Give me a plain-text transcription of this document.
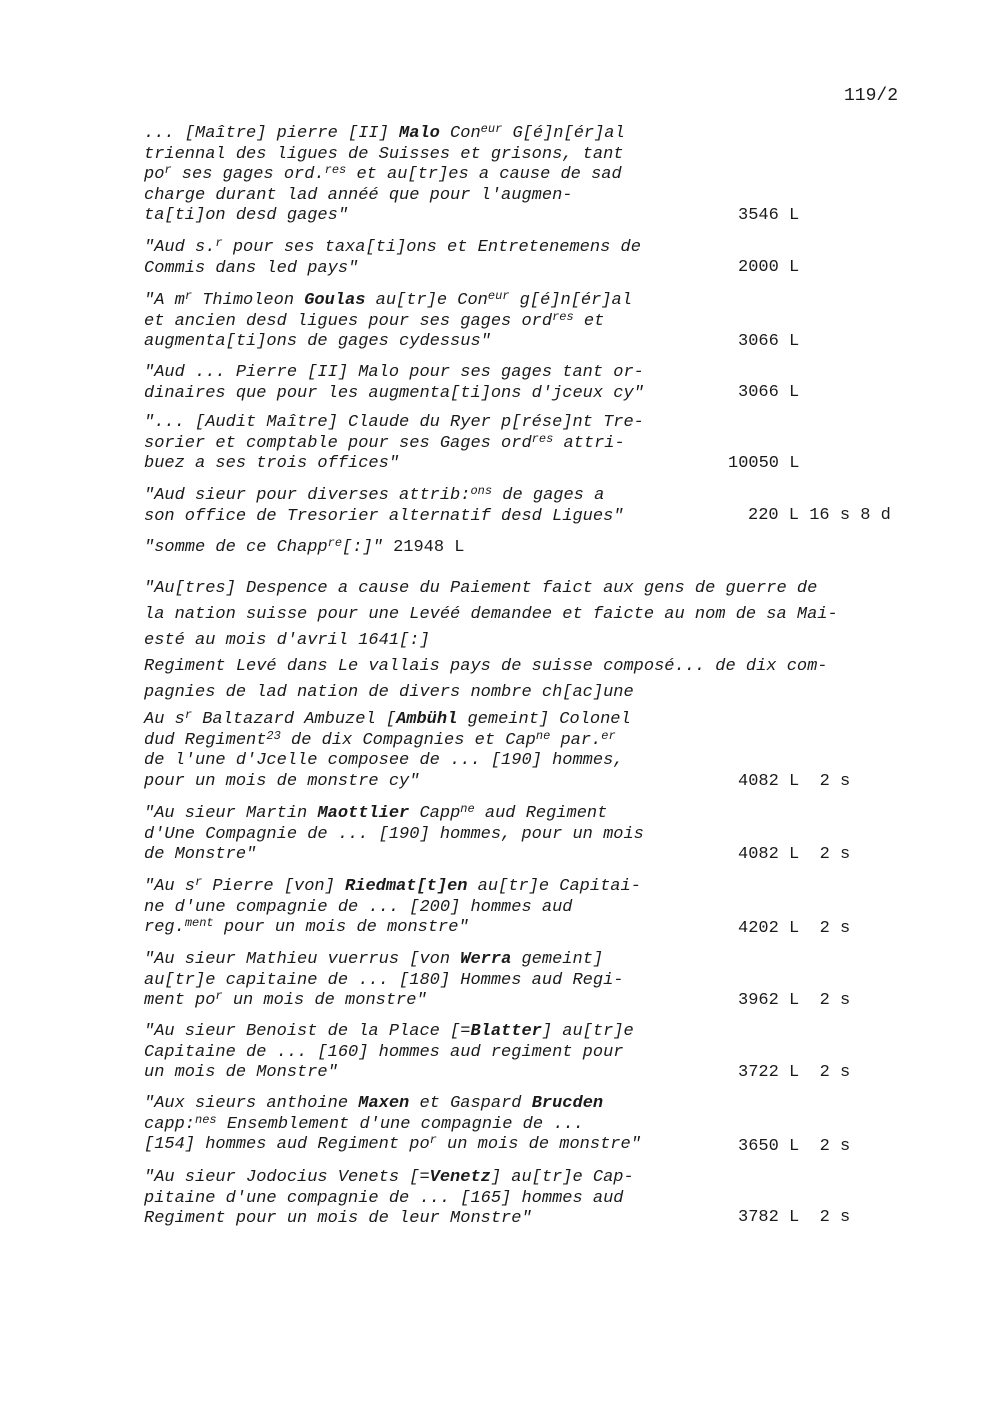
119/2
... [Maître] pierre [II] Malo Con$^{eur}$ G[é]n[ér]al
triennal des ligues de Suisses et grisons, tant
$po^r$ ses gages ord.$^{res}$ et au[tr]es a cause de sad
charge durant lad annéé que pour l'augmen-
ta[ti]on desd gages"	3546 L
"Aud s.$^r$ pour ses taxa[ti]ons et Entretenemens de
Commis dans led pays"	2000 L
"A $m^r$ Thimoleon Goulas au[tr]e Con$^{eur}$ g[é]n[ér]al
et ancien desd ligues pour ses gages ord$^{res}$ et
augmenta[ti]ons de gages cydessus"	3066 L
"Aud ... Pierre [II] Malo pour ses gages tant or-
dinaires que pour les augmenta[ti]ons d'jceux cy"	3066 L
"... [Audit Maître] Claude du Ryer p[rése]nt Tre-
sorier et comptable pour ses Gages ord$^{res}$ attri-
buez a ses trois offices"	10050 L
"Aud sieur pour diverses attrib:$^{ons}$ de gages a
son office de Tresorier alternatif desd Ligues"	220 L 16 s 8 d
"somme de ce Chapp$^{re}$[:]" 21948 L
"Au[tres] Despence a cause du Paiement faict aux gens de guerre de
la nation suisse pour une Levéé demandee et faicte au nom de sa Mai-
esté au mois d'avril 1641[:]
Regiment Levé dans Le vallais pays de suisse composé... de dix com-
pagnies de lad nation de divers nombre ch[ac]une
Au $s^r$ Baltazard Ambuzel [Ambühl gemeint] Colonel
dud Regiment$^{23}$ de dix Compagnies et Cap$^{ne}$ par.$^{er}$
de l'une d'Jcelle composee de ... [190] hommes,
pour un mois de monstre cy"	4082 L  2 s
"Au sieur Martin Maottlier Capp$^{ne}$ aud Regiment
d'Une Compagnie de ... [190] hommes, pour un mois
de Monstre"	4082 L  2 s
"Au $s^r$ Pierre [von] Riedmat[t]en au[tr]e Capitai-
ne d'une compagnie de ... [200] hommes aud
reg.$^{ment}$ pour un mois de monstre"	4202 L  2 s
"Au sieur Mathieu vuerrus [von Werra gemeint]
au[tr]e capitaine de ... [180] Hommes aud Regi-
ment $po^r$ un mois de monstre"	3962 L  2 s
"Au sieur Benoist de la Place [=Blatter] au[tr]e
Capitaine de ... [160] hommes aud regiment pour
un mois de Monstre"	3722 L  2 s
"Aux sieurs anthoine Maxen et Gaspard Brucden
capp:$^{nes}$ Ensemblement d'une compagnie de ...
[154] hommes aud Regiment $po^r$ un mois de monstre"	3650 L  2 s
"Au sieur Jodocius Venets [=Venetz] au[tr]e Cap-
pitaine d'une compagnie de ... [165] hommes aud
Regiment pour un mois de leur Monstre"	3782 L  2 s
